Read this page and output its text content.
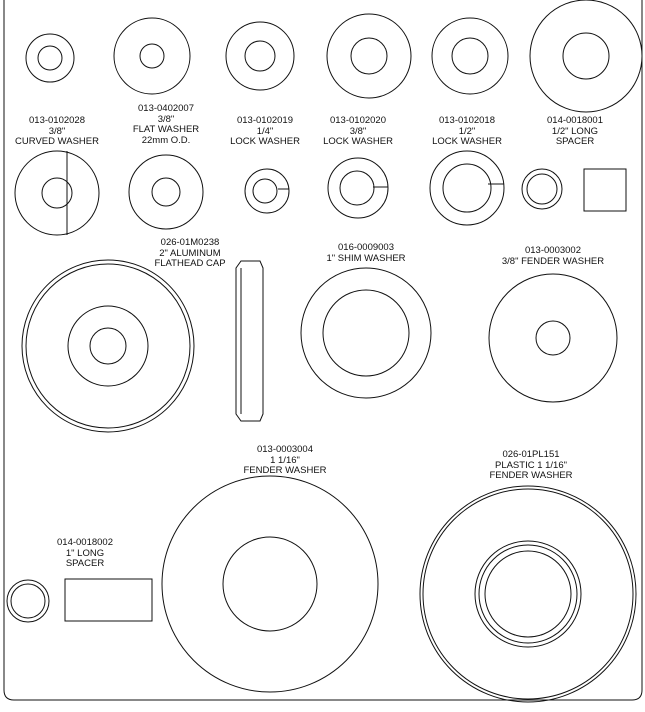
013-0102028
3/8"
CURVED WASHER
013-0402007
3/8"
FLAT WASHER
22mm O.D.
013-0102019
1/4"
LOCK WASHER
013-0102020
3/8"
LOCK WASHER
013-0102018
1/2"
LOCK WASHER
014-0018001
1/2" LONG
SPACER
026-01M0238
2" ALUMINUM
FLATHEAD CAP
016-0009003
1" SHIM WASHER
013-0003002
3/8" FENDER WASHER
013-0003004
1 1/16"
FENDER WASHER
026-01PL151
PLASTIC 1 1/16"
FENDER WASHER
014-0018002
1" LONG
SPACER
